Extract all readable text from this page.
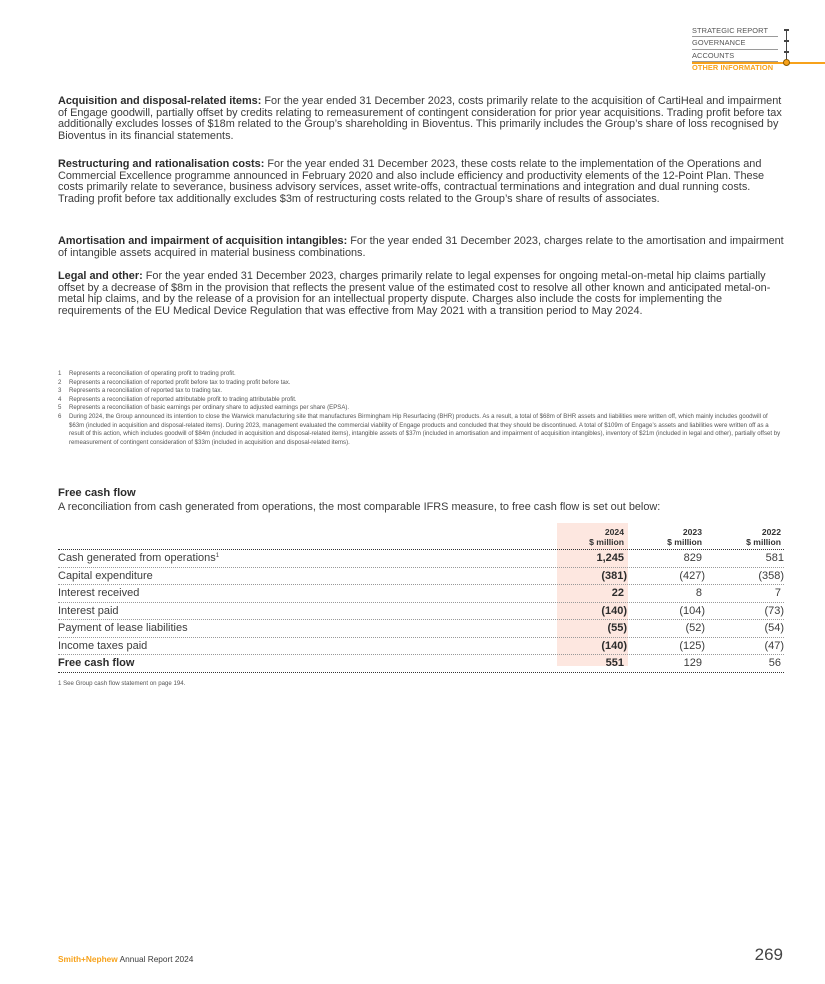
STRATEGIC REPORT
GOVERNANCE
ACCOUNTS
OTHER INFORMATION
Acquisition and disposal-related items: For the year ended 31 December 2023, costs primarily relate to the acquisition of CartiHeal and impairment of Engage goodwill, partially offset by credits relating to remeasurement of contingent consideration for prior year acquisitions. Trading profit before tax additionally excludes losses of $18m related to the Group’s shareholding in Bioventus. This primarily includes the Group’s share of loss recognised by Bioventus in its financial statements.
Restructuring and rationalisation costs: For the year ended 31 December 2023, these costs relate to the implementation of the Operations and Commercial Excellence programme announced in February 2020 and also include efficiency and productivity elements of the 12-Point Plan. These costs primarily relate to severance, business advisory services, asset write-offs, contractual terminations and integration and dual running costs. Trading profit before tax additionally excludes $3m of restructuring costs related to the Group’s share of results of associates.
Amortisation and impairment of acquisition intangibles: For the year ended 31 December 2023, charges relate to the amortisation and impairment of intangible assets acquired in material business combinations.
Legal and other: For the year ended 31 December 2023, charges primarily relate to legal expenses for ongoing metal-on-metal hip claims partially offset by a decrease of $8m in the provision that reflects the present value of the estimated cost to resolve all other known and anticipated metal-on-metal hip claims, and by the release of a provision for an intellectual property dispute. Charges also include the costs for implementing the requirements of the EU Medical Device Regulation that was effective from May 2021 with a transition period to May 2024.
1	Represents a reconciliation of operating profit to trading profit.
2	Represents a reconciliation of reported profit before tax to trading profit before tax.
3	Represents a reconciliation of reported tax to trading tax.
4	Represents a reconciliation of reported attributable profit to trading attributable profit.
5	Represents a reconciliation of basic earnings per ordinary share to adjusted earnings per share (EPSA).
6	During 2024, the Group announced its intention to close the Warwick manufacturing site that manufactures Birmingham Hip Resurfacing (BHR) products. As a result, a total of $68m of BHR assets and liabilities were written off, which mainly includes goodwill of $63m (included in acquisition and disposal-related items). During 2023, management evaluated the commercial viability of Engage products and concluded that they should be discontinued. A total of $109m of Engage’s assets and liabilities were written off as a result of this action, which includes goodwill of $84m (included in acquisition and disposal-related items), intangible assets of $37m (included in amortisation and impairment of acquisition intangibles), inventory of $21m (included in legal and other), partially offset by remeasurement of contingent consideration of $33m (included in acquisition and disposal-related items).
Free cash flow
A reconciliation from cash generated from operations, the most comparable IFRS measure, to free cash flow is set out below:
2024
$ million
2023
$ million
2022
$ million
Cash generated from operations$^1$	1,245	829	581
Capital expenditure	(381)	(427)	(358)
Interest received	22	8	7
Interest paid	(140)	(104)	(73)
Payment of lease liabilities	(55)	(52)	(54)
Income taxes paid	(140)	(125)	(47)
Free cash flow	551	129	56
1 See Group cash flow statement on page 194.
Smith+Nephew Annual Report 2024	269
